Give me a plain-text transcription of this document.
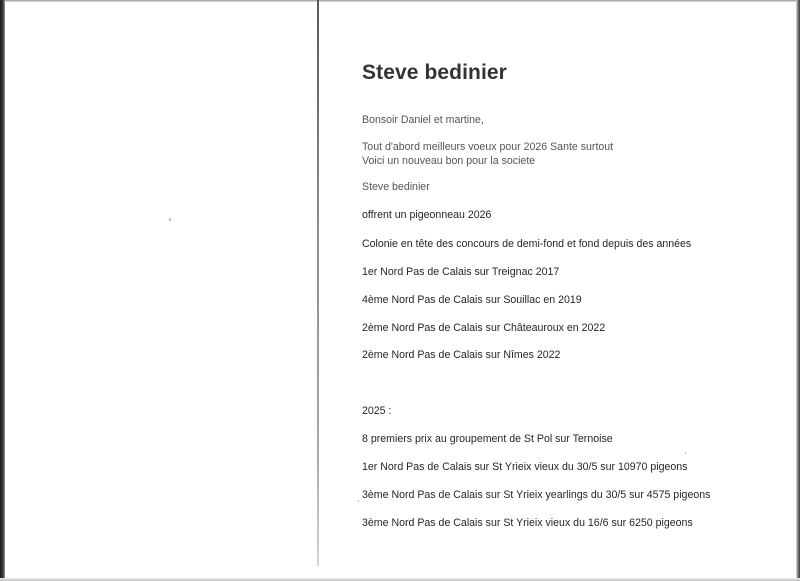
Steve bedinier
Bonsoir Daniel et martine,
Tout d'abord meilleurs voeux pour 2026 Sante surtout
Voici un nouveau bon pour la societe
Steve bedinier
offrent un pigeonneau 2026
Colonie en tête des concours de demi-fond et fond depuis des années
1er Nord Pas de Calais sur Treignac 2017
4ème Nord Pas de Calais sur Souillac en 2019
2ème Nord Pas de Calais sur Châteauroux en 2022
2ème Nord Pas de Calais sur Nîmes 2022
2025 :
8 premiers prix au groupement de St Pol sur Ternoise
1er Nord Pas de Calais sur St Yrieix vieux du 30/5 sur 10970 pigeons
3ème Nord Pas de Calais sur St Yrieix yearlings du 30/5 sur 4575 pigeons
3ème Nord Pas de Calais sur St Yrieix vieux du 16/6 sur 6250 pigeons
